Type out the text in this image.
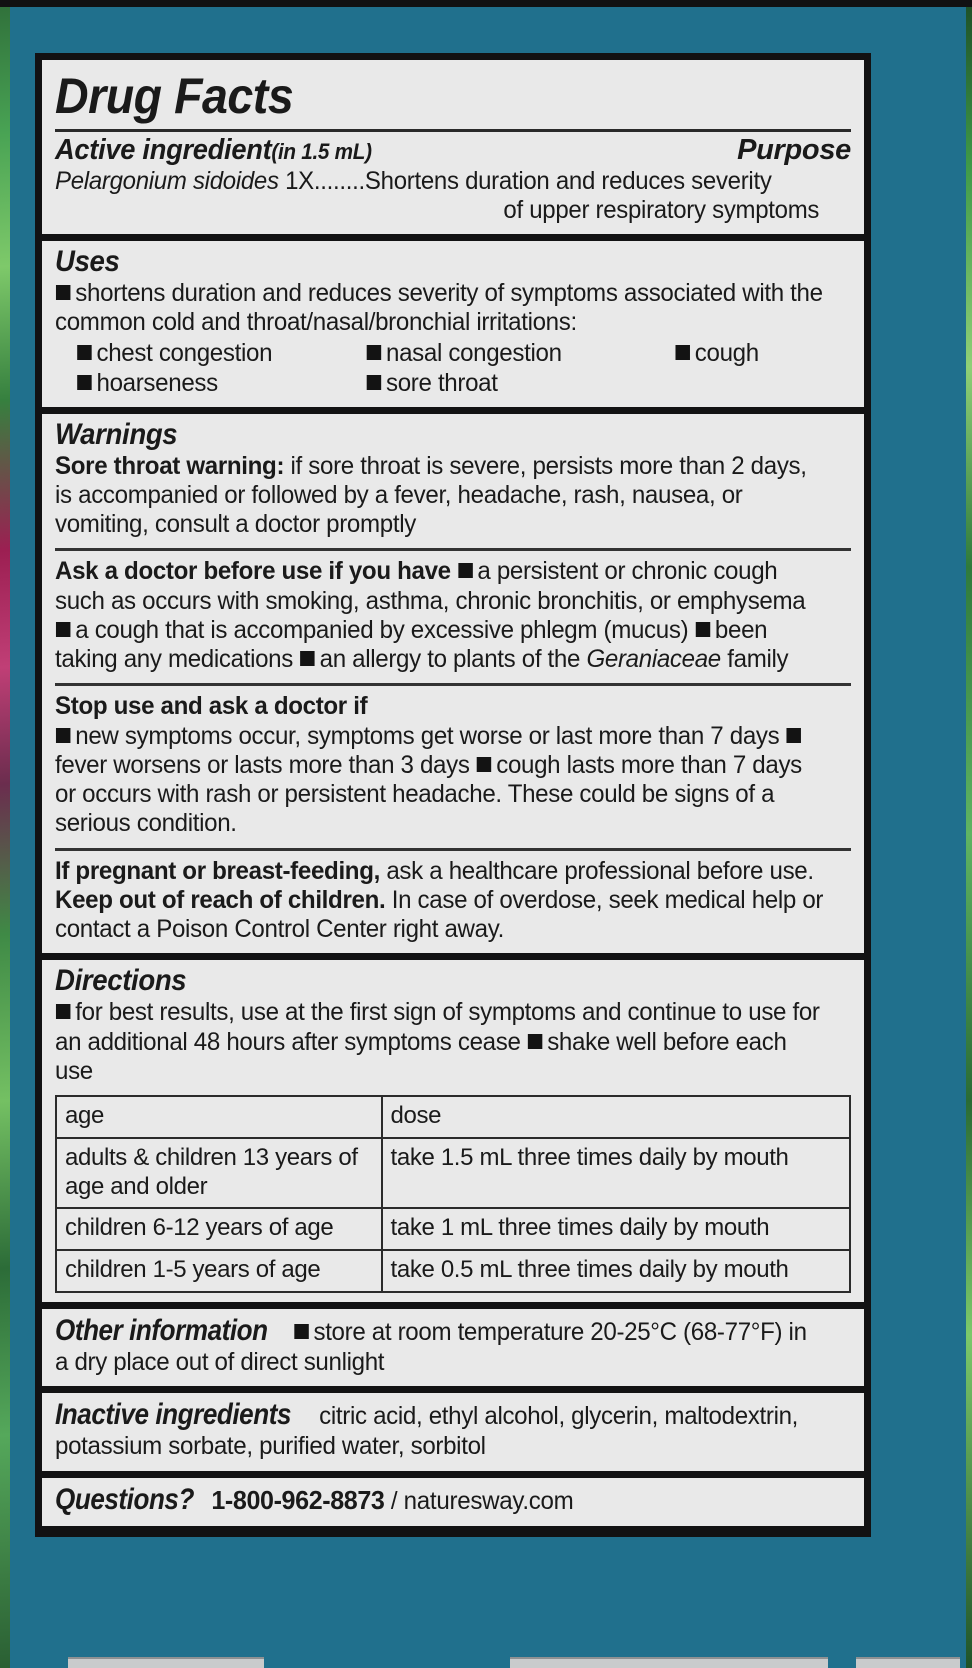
Drug Facts
Active ingredient(in 1.5 mL)	Purpose
Pelargonium sidoides 1X........Shortens duration and reduces severity
of upper respiratory symptoms
Uses
shortens duration and reduces severity of symptoms associated with the common cold and throat/nasal/bronchial irritations:
chest congestion	nasal congestion	cough
hoarseness	sore throat
Warnings
Sore throat warning: if sore throat is severe, persists more than 2 days, is accompanied or followed by a fever, headache, rash, nausea, or vomiting, consult a doctor promptly
Ask a doctor before use if you have a persistent or chronic cough such as occurs with smoking, asthma, chronic bronchitis, or emphysema a cough that is accompanied by excessive phlegm (mucus) been taking any medications an allergy to plants of the Geraniaceae family
Stop use and ask a doctor if
new symptoms occur, symptoms get worse or last more than 7 days fever worsens or lasts more than 3 days cough lasts more than 7 days or occurs with rash or persistent headache. These could be signs of a serious condition.
If pregnant or breast-feeding, ask a healthcare professional before use. Keep out of reach of children. In case of overdose, seek medical help or contact a Poison Control Center right away.
Directions
for best results, use at the first sign of symptoms and continue to use for an additional 48 hours after symptoms cease shake well before each use
age	dose
adults & children 13 years of age and older	take 1.5 mL three times daily by mouth
children 6-12 years of age	take 1 mL three times daily by mouth
children 1-5 years of age	take 0.5 mL three times daily by mouth
Other information store at room temperature 20-25°C (68-77°F) in a dry place out of direct sunlight
Inactive ingredients citric acid, ethyl alcohol, glycerin, maltodextrin, potassium sorbate, purified water, sorbitol
Questions? 1-800-962-8873 / naturesway.com
